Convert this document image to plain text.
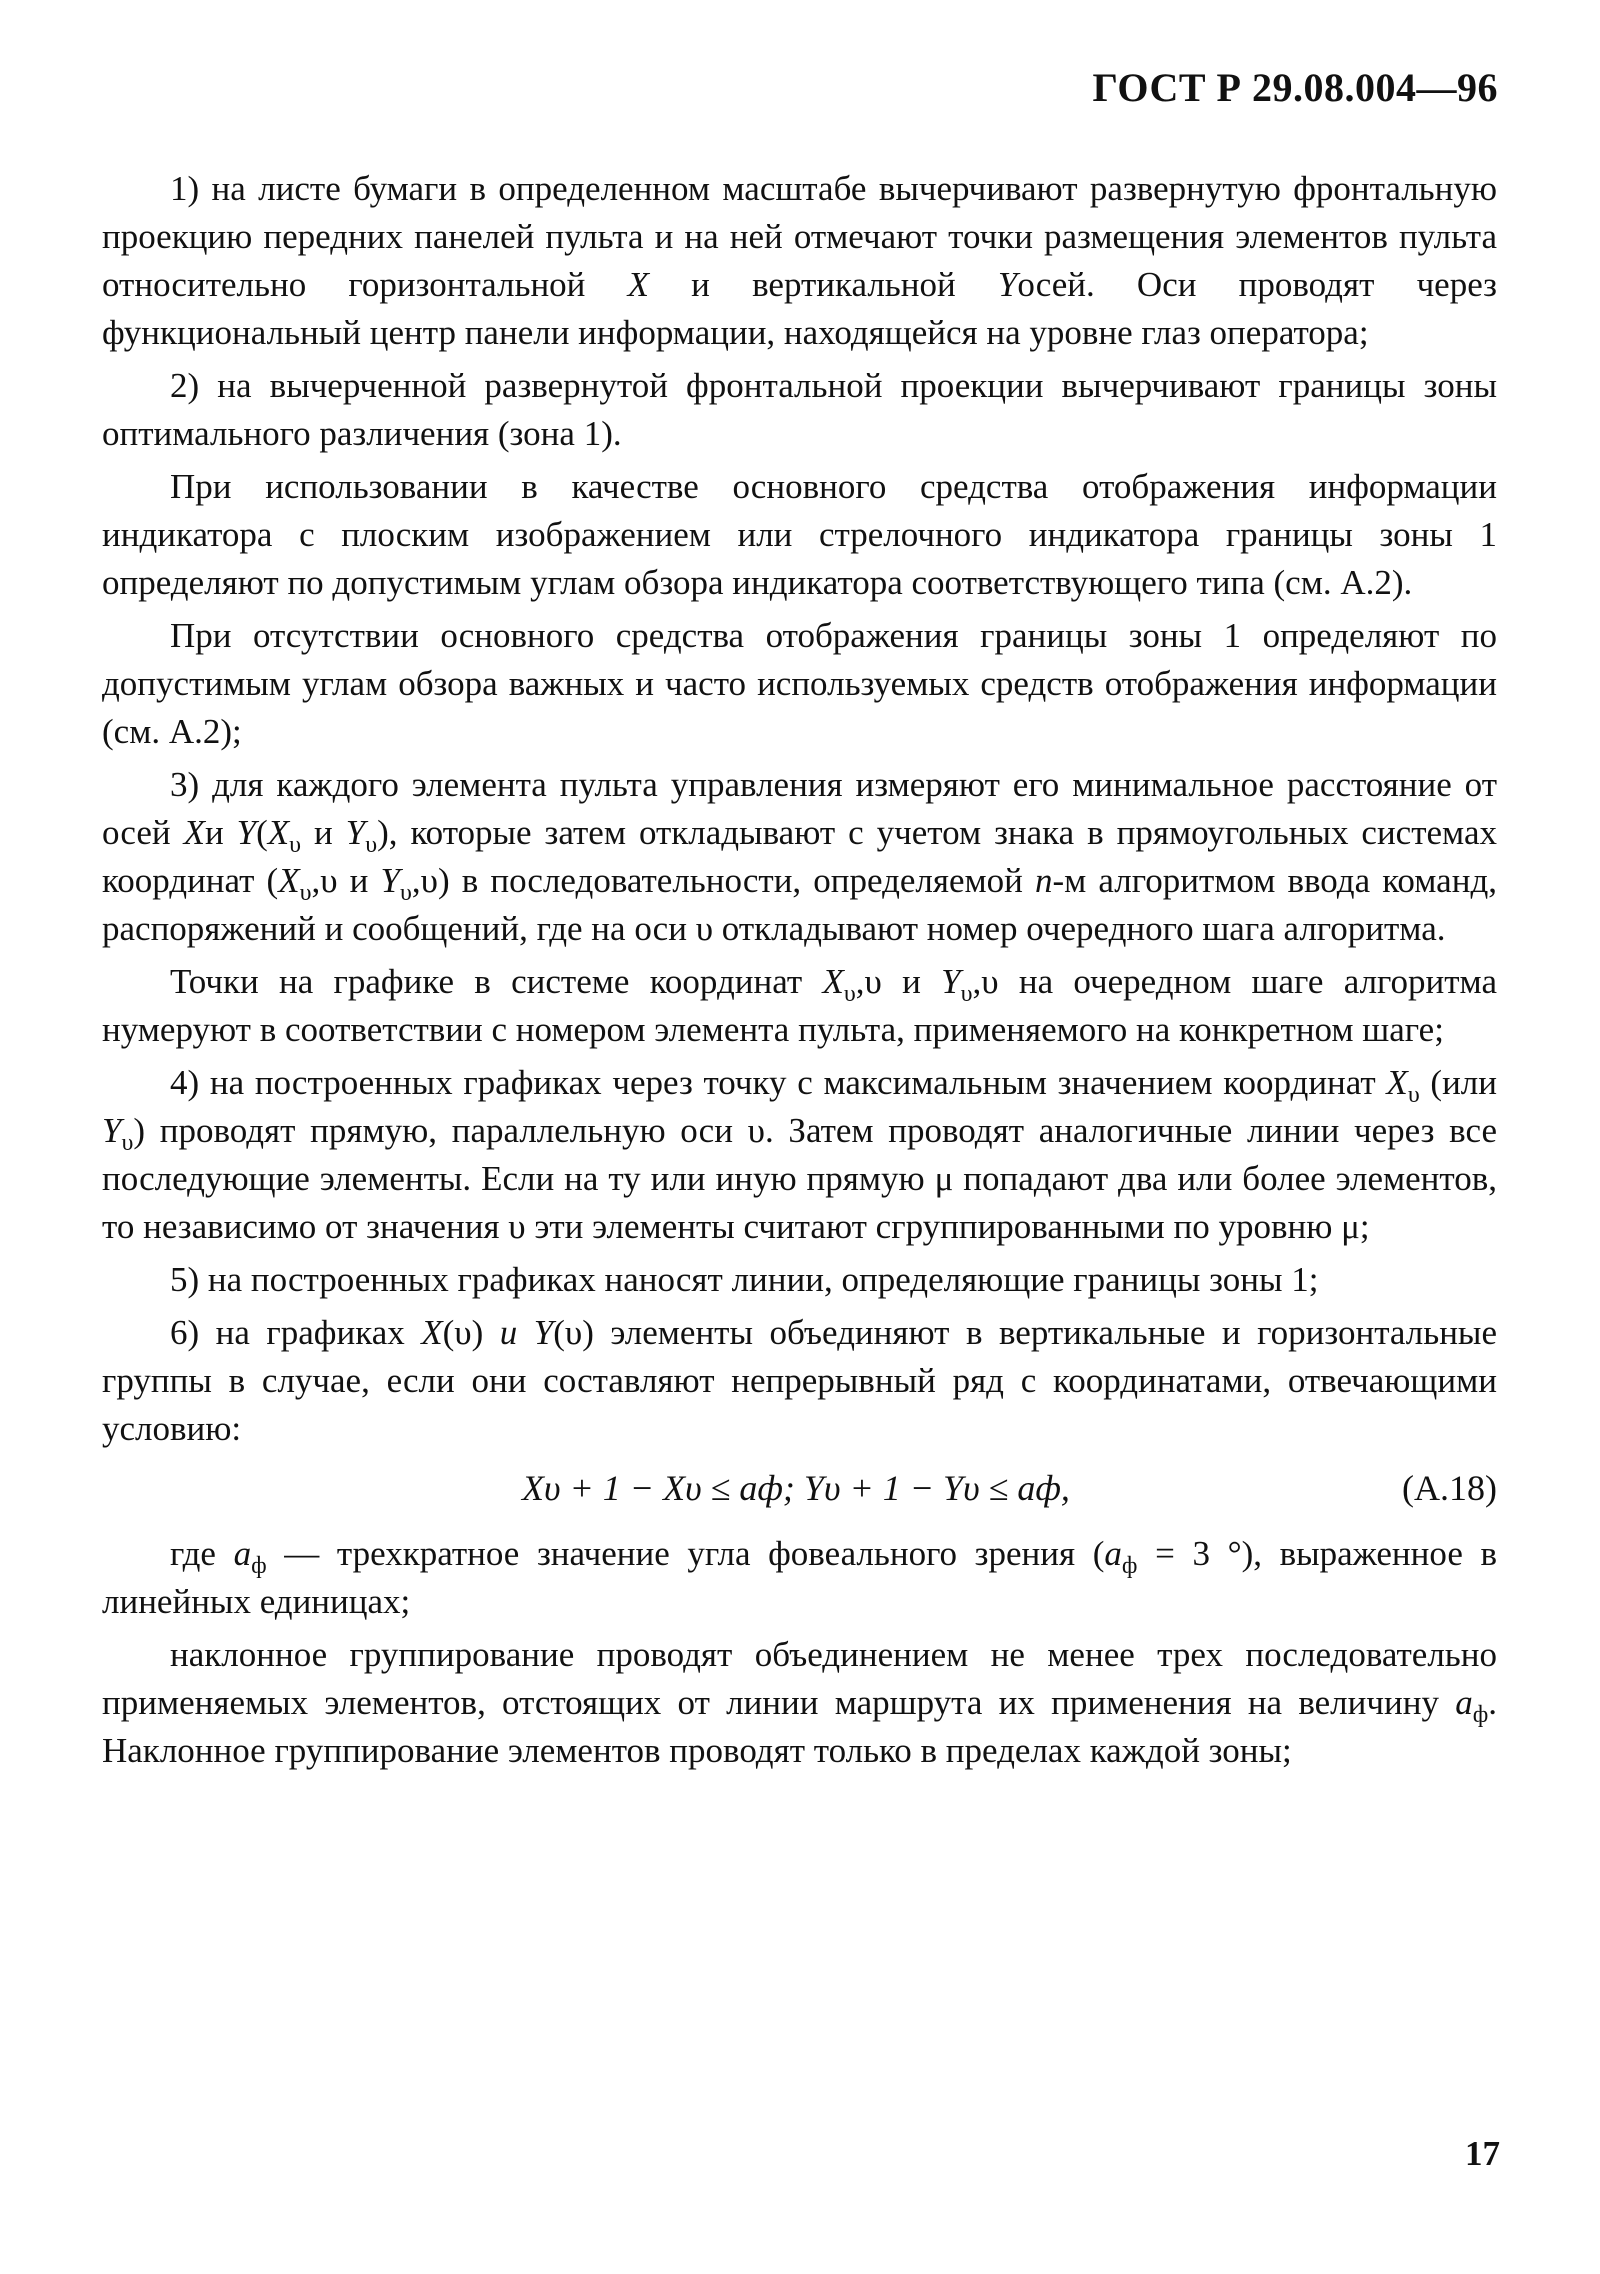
ГОСТ Р 29.08.004—96

1) на листе бумаги в определенном масштабе вычерчивают развернутую фронтальную проекцию передних панелей пульта и на ней отмечают точки размещения элементов пульта относительно горизонтальной X и вертикальной Yосей. Оси проводят через функциональный центр панели информации, находящейся на уровне глаз оператора;

2) на вычерченной развернутой фронтальной проекции вычерчивают границы зоны оптимального различения (зона 1).

При использовании в качестве основного средства отображения информации индикатора с плоским изображением или стрелочного индикатора границы зоны 1 определяют по допустимым углам обзора индикатора соответствующего типа (см. А.2).

При отсутствии основного средства отображения границы зоны 1 определяют по допустимым углам обзора важных и часто используемых средств отображения информации (см. А.2);

3) для каждого элемента пульта управления измеряют его минимальное расстояние от осей Xи $Y(X_\upsilon$ и $Y_\upsilon$), которые затем откладывают с учетом знака в прямоугольных системах координат ($X_\upsilon,\upsilon$ и $Y_\upsilon,\upsilon$) в последовательности, определяемой n-м алгоритмом ввода команд, распоряжений и сообщений, где на оси υ откладывают номер очередного шага алгоритма.

Точки на графике в системе координат $X_\upsilon,\upsilon$ и $Y_\upsilon,\upsilon$ на очередном шаге алгоритма нумеруют в соответствии с номером элемента пульта, применяемого на конкретном шаге;

4) на построенных графиках через точку с максимальным значением координат $X_\upsilon$ (или $Y_\upsilon$) проводят прямую, параллельную оси υ. Затем проводят аналогичные линии через все последующие элементы. Если на ту или иную прямую μ попадают два или более элементов, то независимо от значения υ эти элементы считают сгруппированными по уровню μ;

5) на построенных графиках наносят линии, определяющие границы зоны 1;

6) на графиках X(υ) и Y(υ) элементы объединяют в вертикальные и горизонтальные группы в случае, если они составляют непрерывный ряд с координатами, отвечающими условию:

Xυ + 1 − Xυ ≤ aф; Yυ + 1 − Yυ ≤ aф,	(А.18)

где $a_ф$ — трехкратное значение угла фовеального зрения ($a_ф = 3$ °), выраженное в линейных единицах;

наклонное группирование проводят объединением не менее трех последовательно применяемых элементов, отстоящих от линии маршрута их применения на величину $a_ф$. Наклонное группирование элементов проводят только в пределах каждой зоны;

17
